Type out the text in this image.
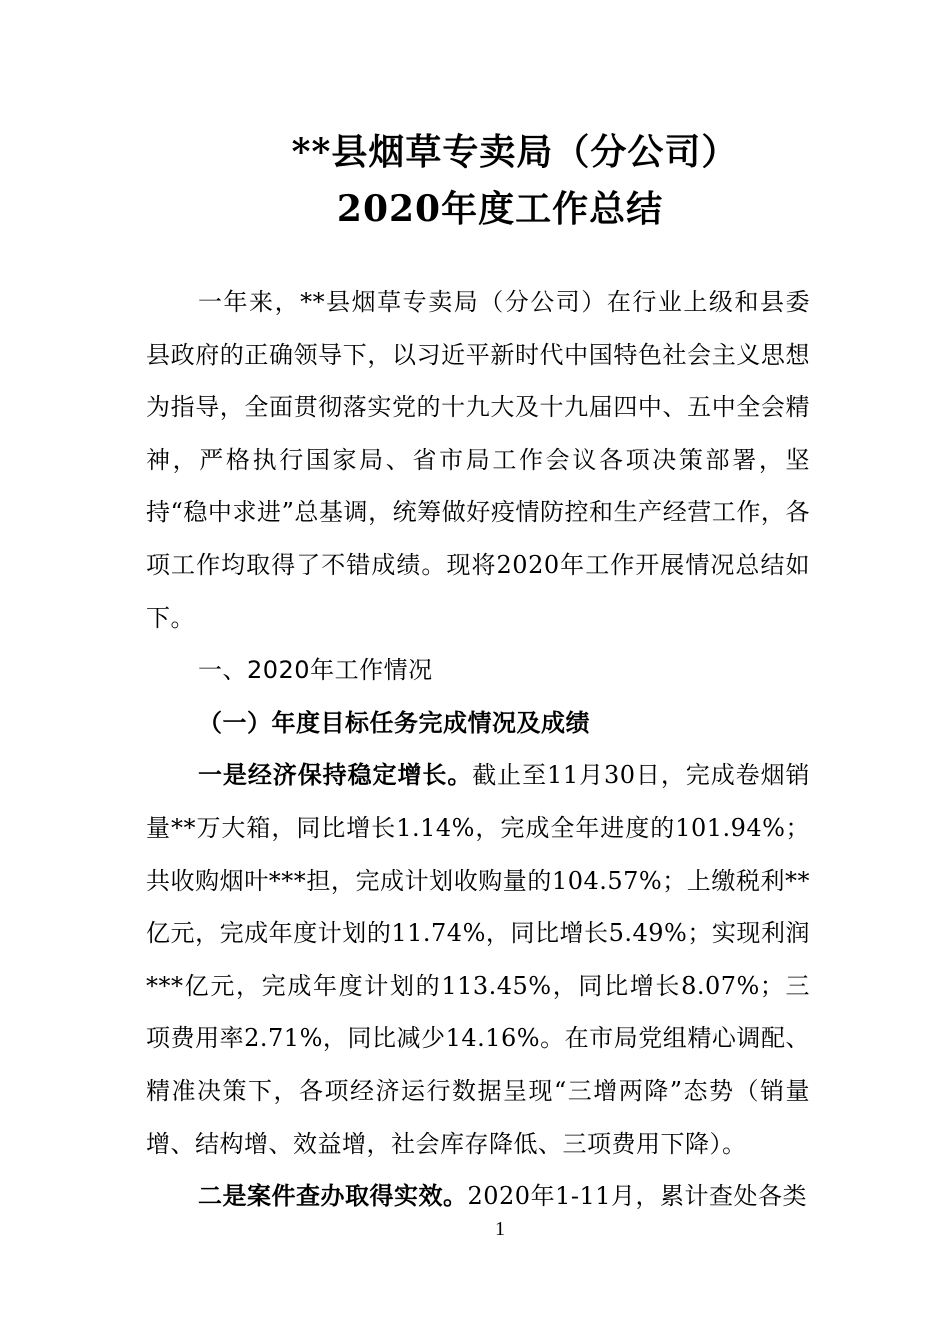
**县烟草专卖局（分公司）
2020年度工作总结

一年来，**县烟草专卖局（分公司）在行业上级和县委县政府的正确领导下，以习近平新时代中国特色社会主义思想为指导，全面贯彻落实党的十九大及十九届四中、五中全会精神，严格执行国家局、省市局工作会议各项决策部署，坚持“稳中求进”总基调，统筹做好疫情防控和生产经营工作，各项工作均取得了不错成绩。现将2020年工作开展情况总结如下。

一、2020年工作情况

（一）年度目标任务完成情况及成绩

一是经济保持稳定增长。截止至11月30日，完成卷烟销量**万大箱，同比增长1.14%，完成全年进度的101.94%；共收购烟叶***担，完成计划收购量的104.57%；上缴税利**亿元，完成年度计划的11.74%，同比增长5.49%；实现利润***亿元，完成年度计划的113.45%，同比增长8.07%；三项费用率2.71%，同比减少14.16%。在市局党组精心调配、精准决策下，各项经济运行数据呈现“三增两降”态势（销量增、结构增、效益增，社会库存降低、三项费用下降）。

二是案件查办取得实效。2020年1-11月，累计查处各类

1
